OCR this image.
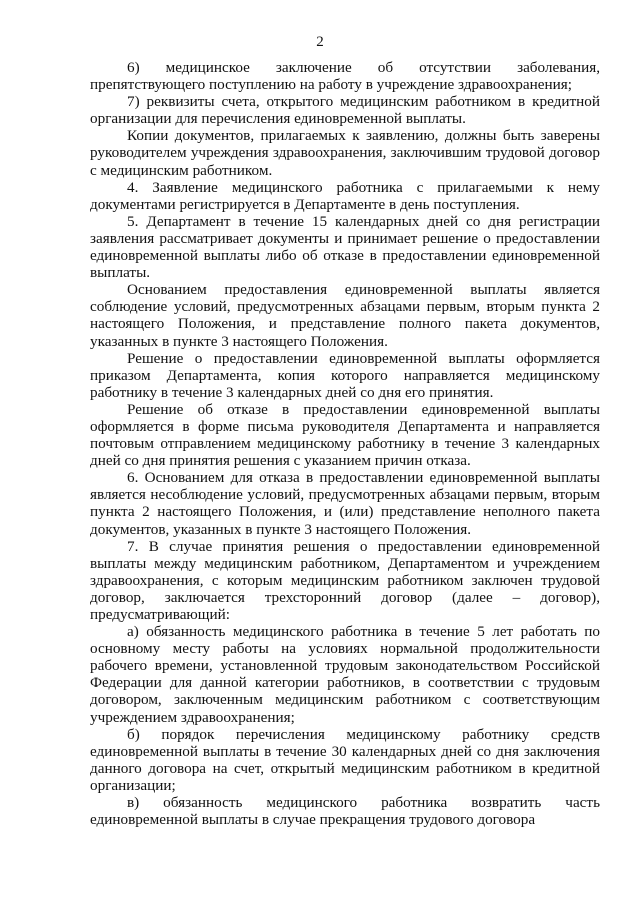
2

6) медицинское заключение об отсутствии заболевания, препятствующего поступлению на работу в учреждение здравоохранения;

7) реквизиты счета, открытого медицинским работником в кредитной организации для перечисления единовременной выплаты.

Копии документов, прилагаемых к заявлению, должны быть заверены руководителем учреждения здравоохранения, заключившим трудовой договор с медицинским работником.

4. Заявление медицинского работника с прилагаемыми к нему документами регистрируется в Департаменте в день поступления.

5. Департамент в течение 15 календарных дней со дня регистрации заявления рассматривает документы и принимает решение о предоставлении единовременной выплаты либо об отказе в предоставлении единовременной выплаты.

Основанием предоставления единовременной выплаты является соблюдение условий, предусмотренных абзацами первым, вторым пункта 2 настоящего Положения, и представление полного пакета документов, указанных в пункте 3 настоящего Положения.

Решение о предоставлении единовременной выплаты оформляется приказом Департамента, копия которого направляется медицинскому работнику в течение 3 календарных дней со дня его принятия.

Решение об отказе в предоставлении единовременной выплаты оформляется в форме письма руководителя Департамента и направляется почтовым отправлением медицинскому работнику в течение 3 календарных дней со дня принятия решения с указанием причин отказа.

6. Основанием для отказа в предоставлении единовременной выплаты является несоблюдение условий, предусмотренных абзацами первым, вторым пункта 2 настоящего Положения, и (или) представление неполного пакета документов, указанных в пункте 3 настоящего Положения.

7. В случае принятия решения о предоставлении единовременной выплаты между медицинским работником, Департаментом и учреждением здравоохранения, с которым медицинским работником заключен трудовой договор, заключается трехсторонний договор (далее – договор), предусматривающий:

а) обязанность медицинского работника в течение 5 лет работать по основному месту работы на условиях нормальной продолжительности рабочего времени, установленной трудовым законодательством Российской Федерации для данной категории работников, в соответствии с трудовым договором, заключенным медицинским работником с соответствующим учреждением здравоохранения;

б) порядок перечисления медицинскому работнику средств единовременной выплаты в течение 30 календарных дней со дня заключения данного договора на счет, открытый медицинским работником в кредитной организации;

в) обязанность медицинского работника возвратить часть единовременной выплаты в случае прекращения трудового договора
